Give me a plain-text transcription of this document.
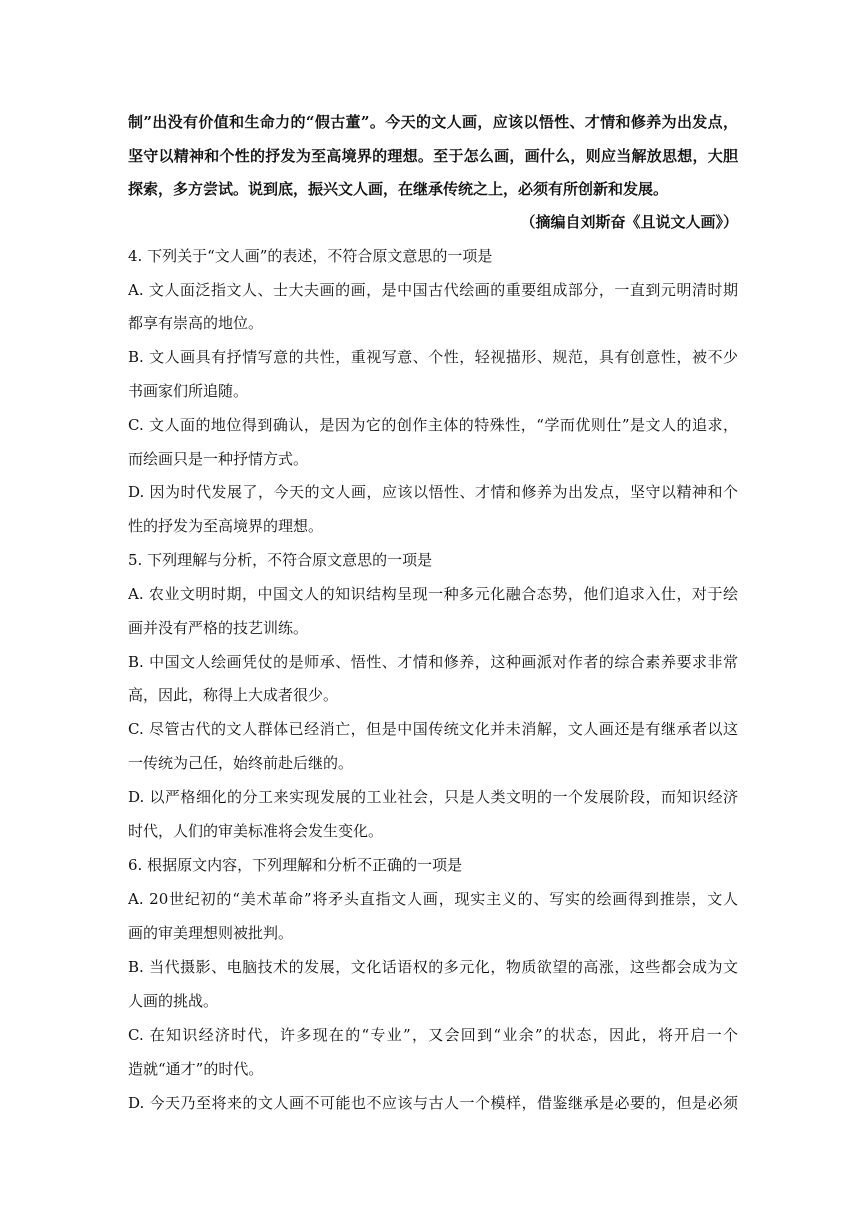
制”出没有价值和生命力的“假古董”。今天的文人画，应该以悟性、才情和修养为出发点，
坚守以精神和个性的抒发为至高境界的理想。至于怎么画，画什么，则应当解放思想，大胆
探索，多方尝试。说到底，振兴文人画，在继承传统之上，必须有所创新和发展。
（摘编自刘斯奋《且说文人画》）
4. 下列关于“文人画”的表述，不符合原文意思的一项是
A. 文人面泛指文人、士大夫画的画，是中国古代绘画的重要组成部分，一直到元明清时期
都享有崇高的地位。
B. 文人画具有抒情写意的共性，重视写意、个性，轻视描形、规范，具有创意性，被不少
书画家们所追随。
C. 文人面的地位得到确认，是因为它的创作主体的特殊性，“学而优则仕”是文人的追求，
而绘画只是一种抒情方式。
D. 因为时代发展了，今天的文人画，应该以悟性、才情和修养为出发点，坚守以精神和个
性的抒发为至高境界的理想。
5. 下列理解与分析，不符合原文意思的一项是
A. 农业文明时期，中国文人的知识结构呈现一种多元化融合态势，他们追求入仕，对于绘
画并没有严格的技艺训练。
B. 中国文人绘画凭仗的是师承、悟性、才情和修养，这种画派对作者的综合素养要求非常
高，因此，称得上大成者很少。
C. 尽管古代的文人群体已经消亡，但是中国传统文化并未消解，文人画还是有继承者以这
一传统为己任，始终前赴后继的。
D. 以严格细化的分工来实现发展的工业社会，只是人类文明的一个发展阶段，而知识经济
时代，人们的审美标准将会发生变化。
6. 根据原文内容，下列理解和分析不正确的一项是
A. 20世纪初的“美术革命”将矛头直指文人画，现实主义的、写实的绘画得到推崇，文人
画的审美理想则被批判。
B. 当代摄影、电脑技术的发展，文化话语权的多元化，物质欲望的高涨，这些都会成为文
人画的挑战。
C. 在知识经济时代，许多现在的“专业”，又会回到“业余”的状态，因此，将开启一个
造就“通才”的时代。
D. 今天乃至将来的文人画不可能也不应该与古人一个模样，借鉴继承是必要的，但是必须
